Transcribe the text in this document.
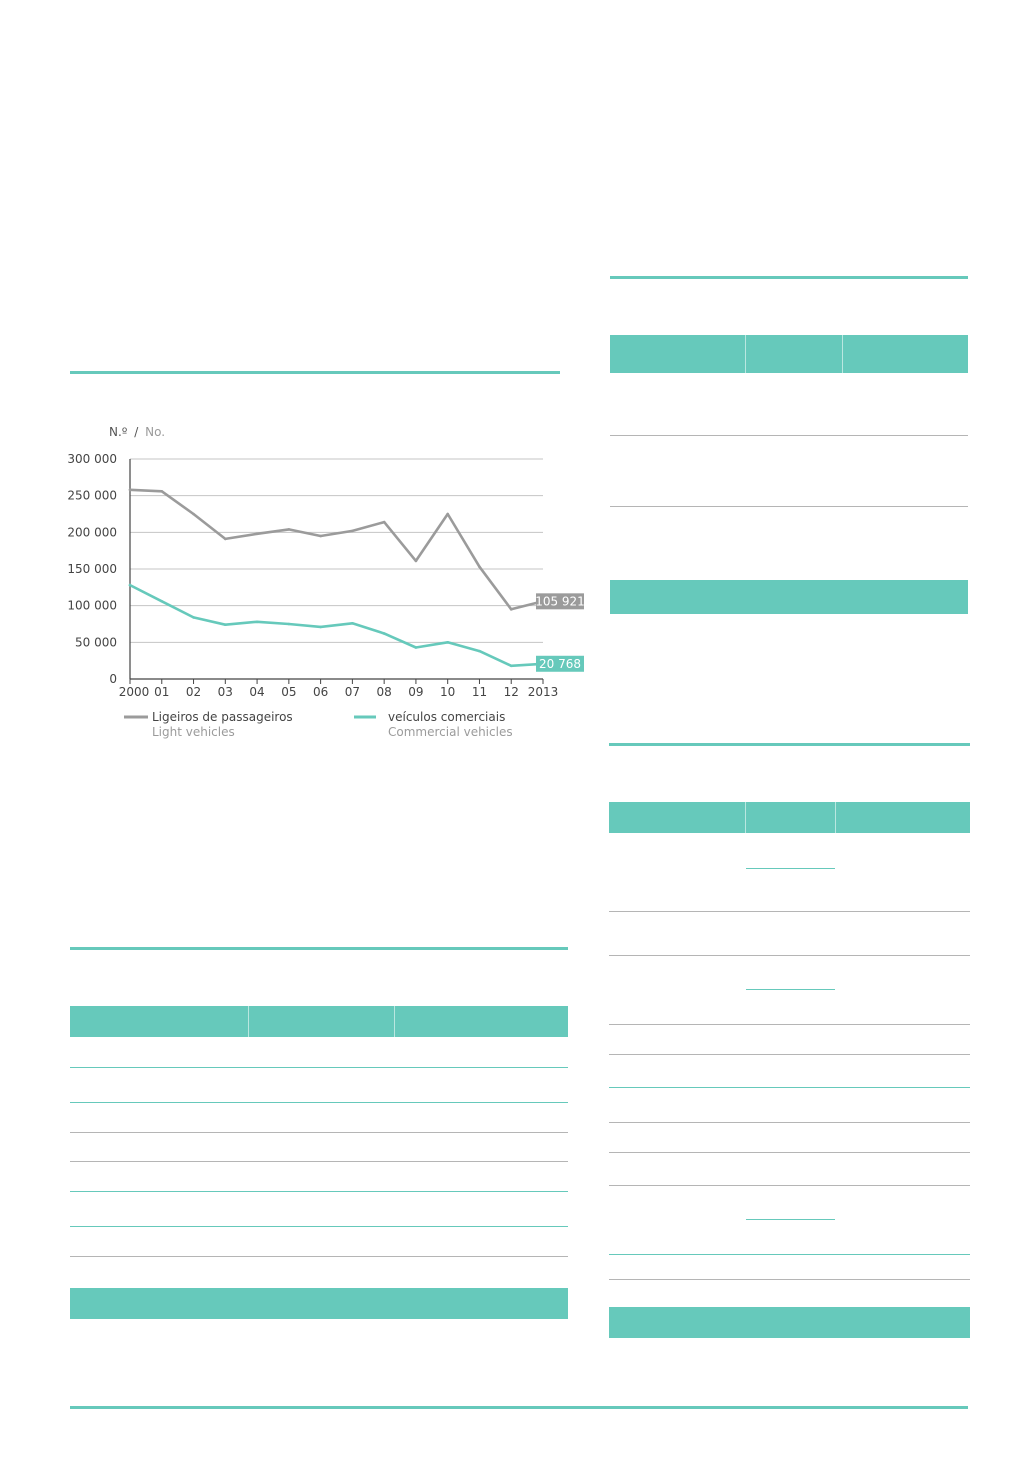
N.º / No.
0
50 000
100 000
150 000
200 000
250 000
300 000
2000 01 02 03 04 05 06 07 08 09 10 11 12 2013
105 921
20 768
Ligeiros de passageiros
Light vehicles
veículos comerciais
Commercial vehicles
